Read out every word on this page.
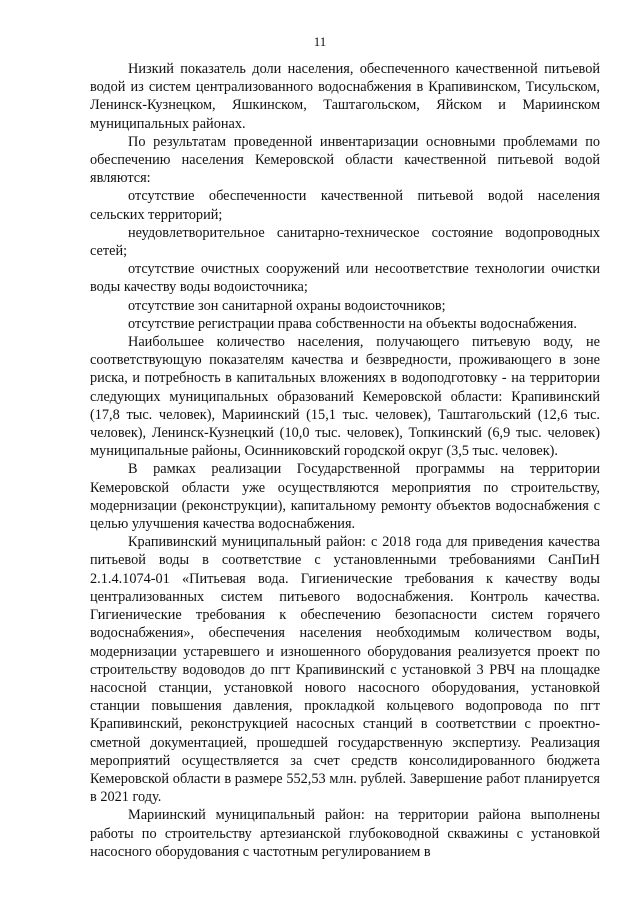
11

Низкий показатель доли населения, обеспеченного качественной питьевой водой из систем централизованного водоснабжения в Крапивинском, Тисульском, Ленинск-Кузнецком, Яшкинском, Таштагольском, Яйском и Мариинском муниципальных районах.

По результатам проведенной инвентаризации основными проблемами по обеспечению населения Кемеровской области качественной питьевой водой являются:

отсутствие обеспеченности качественной питьевой водой населения сельских территорий;

неудовлетворительное санитарно-техническое состояние водопроводных сетей;

отсутствие очистных сооружений или несоответствие технологии очистки воды качеству воды водоисточника;

отсутствие зон санитарной охраны водоисточников;

отсутствие регистрации права собственности на объекты водоснабжения.

Наибольшее количество населения, получающего питьевую воду, не соответствующую показателям качества и безвредности, проживающего в зоне риска, и потребность в капитальных вложениях в водоподготовку - на территории следующих муниципальных образований Кемеровской области: Крапивинский (17,8 тыс. человек), Мариинский (15,1 тыс. человек), Таштагольский (12,6 тыс. человек), Ленинск-Кузнецкий (10,0 тыс. человек), Топкинский (6,9 тыс. человек) муниципальные районы, Осинниковский городской округ (3,5 тыс. человек).

В рамках реализации Государственной программы на территории Кемеровской области уже осуществляются мероприятия по строительству, модернизации (реконструкции), капитальному ремонту объектов водоснабжения с целью улучшения качества водоснабжения.

Крапивинский муниципальный район: с 2018 года для приведения качества питьевой воды в соответствие с установленными требованиями СанПиН 2.1.4.1074-01 «Питьевая вода. Гигиенические требования к качеству воды централизованных систем питьевого водоснабжения. Контроль качества. Гигиенические требования к обеспечению безопасности систем горячего водоснабжения», обеспечения населения необходимым количеством воды, модернизации устаревшего и изношенного оборудования реализуется проект по строительству водоводов до пгт Крапивинский с установкой 3 РВЧ на площадке насосной станции, установкой нового насосного оборудования, установкой станции повышения давления, прокладкой кольцевого водопровода по пгт Крапивинский, реконструкцией насосных станций в соответствии с проектно-сметной документацией, прошедшей государственную экспертизу. Реализация мероприятий осуществляется за счет средств консолидированного бюджета Кемеровской области в размере 552,53 млн. рублей. Завершение работ планируется в 2021 году.

Мариинский муниципальный район: на территории района выполнены работы по строительству артезианской глубоководной скважины с установкой насосного оборудования с частотным регулированием в
